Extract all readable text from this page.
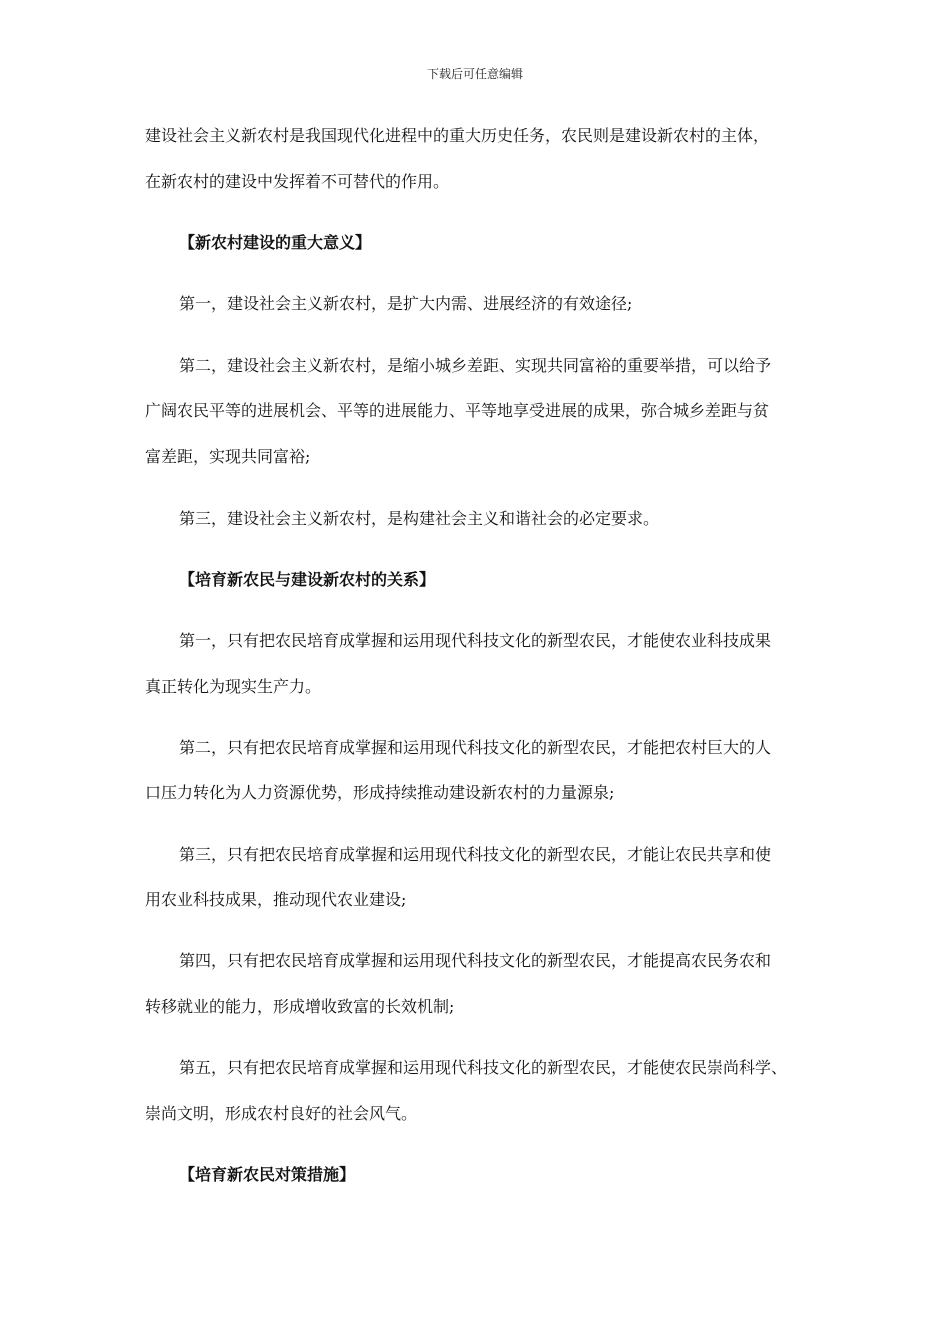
下载后可任意编辑
建设社会主义新农村是我国现代化进程中的重大历史任务，农民则是建设新农村的主体，
在新农村的建设中发挥着不可替代的作用。
【新农村建设的重大意义】
第一，建设社会主义新农村，是扩大内需、进展经济的有效途径;
第二，建设社会主义新农村，是缩小城乡差距、实现共同富裕的重要举措，可以给予
广阔农民平等的进展机会、平等的进展能力、平等地享受进展的成果，弥合城乡差距与贫
富差距，实现共同富裕;
第三，建设社会主义新农村，是构建社会主义和谐社会的必定要求。
【培育新农民与建设新农村的关系】
第一，只有把农民培育成掌握和运用现代科技文化的新型农民，才能使农业科技成果
真正转化为现实生产力。
第二，只有把农民培育成掌握和运用现代科技文化的新型农民，才能把农村巨大的人
口压力转化为人力资源优势，形成持续推动建设新农村的力量源泉;
第三，只有把农民培育成掌握和运用现代科技文化的新型农民，才能让农民共享和使
用农业科技成果，推动现代农业建设;
第四，只有把农民培育成掌握和运用现代科技文化的新型农民，才能提高农民务农和
转移就业的能力，形成增收致富的长效机制;
第五，只有把农民培育成掌握和运用现代科技文化的新型农民，才能使农民崇尚科学、
崇尚文明，形成农村良好的社会风气。
【培育新农民对策措施】
